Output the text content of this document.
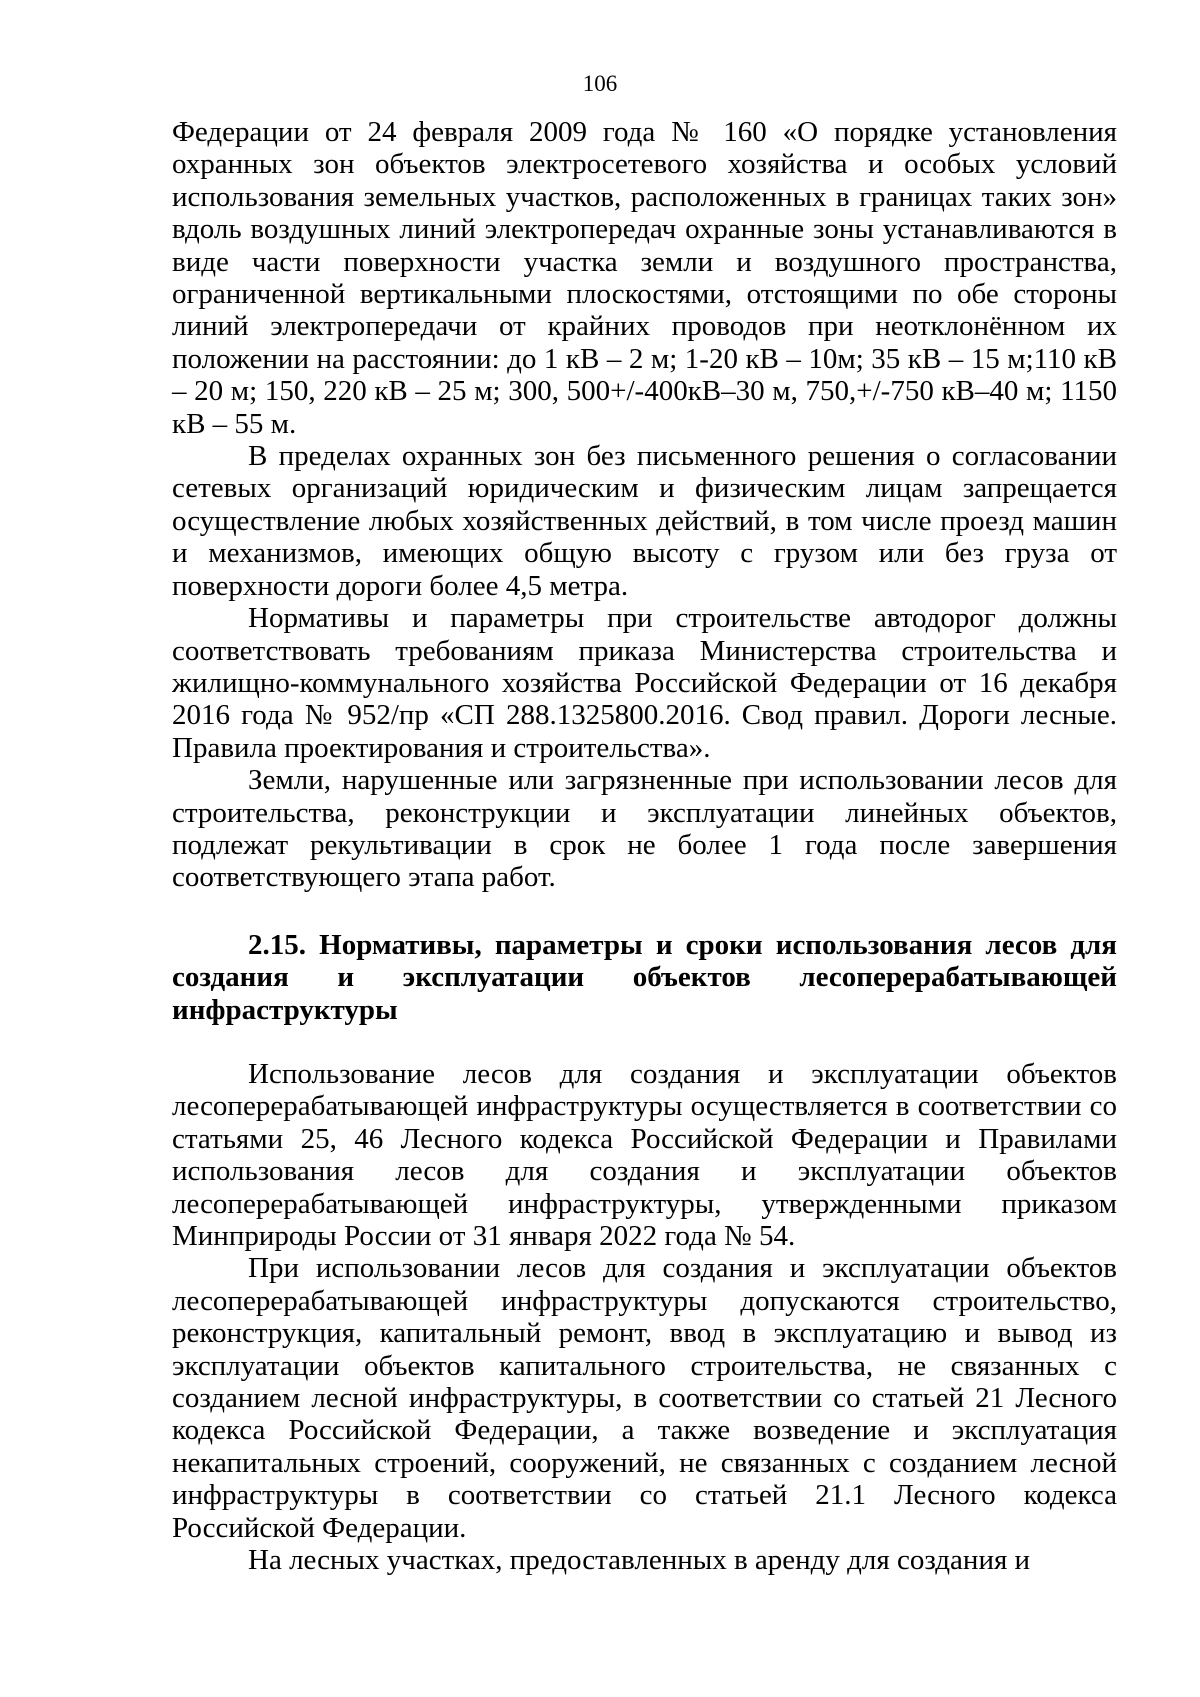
106

Федерации от 24 февраля 2009 года № 160 «О порядке установления охранных зон объектов электросетевого хозяйства и особых условий использования земельных участков, расположенных в границах таких зон» вдоль воздушных линий электропередач охранные зоны устанавливаются в виде части поверхности участка земли и воздушного пространства, ограниченной вертикальными плоскостями, отстоящими по обе стороны линий электропередачи от крайних проводов при неотклонённом их положении на расстоянии: до 1 кВ – 2 м; 1-20 кВ – 10м; 35 кВ – 15 м;110 кВ – 20 м; 150, 220 кВ – 25 м; 300, 500+/-400кВ–30 м, 750,+/-750 кВ–40 м; 1150 кВ – 55 м.

В пределах охранных зон без письменного решения о согласовании сетевых организаций юридическим и физическим лицам запрещается осуществление любых хозяйственных действий, в том числе проезд машин и механизмов, имеющих общую высоту с грузом или без груза от поверхности дороги более 4,5 метра.

Нормативы и параметры при строительстве автодорог должны соответствовать требованиям приказа Министерства строительства и жилищно-коммунального хозяйства Российской Федерации от 16 декабря 2016 года № 952/пр «СП 288.1325800.2016. Свод правил. Дороги лесные. Правила проектирования и строительства».

Земли, нарушенные или загрязненные при использовании лесов для строительства, реконструкции и эксплуатации линейных объектов, подлежат рекультивации в срок не более 1 года после завершения соответствующего этапа работ.

2.15. Нормативы, параметры и сроки использования лесов для создания и эксплуатации объектов лесоперерабатывающей инфраструктуры

Использование лесов для создания и эксплуатации объектов лесоперерабатывающей инфраструктуры осуществляется в соответствии со статьями 25, 46 Лесного кодекса Российской Федерации и Правилами использования лесов для создания и эксплуатации объектов лесоперерабатывающей инфраструктуры, утвержденными приказом Минприроды России от 31 января 2022 года № 54.

При использовании лесов для создания и эксплуатации объектов лесоперерабатывающей инфраструктуры допускаются строительство, реконструкция, капитальный ремонт, ввод в эксплуатацию и вывод из эксплуатации объектов капитального строительства, не связанных с созданием лесной инфраструктуры, в соответствии со статьей 21 Лесного кодекса Российской Федерации, а также возведение и эксплуатация некапитальных строений, сооружений, не связанных с созданием лесной инфраструктуры в соответствии со статьей 21.1 Лесного кодекса Российской Федерации.

На лесных участках, предоставленных в аренду для создания и
